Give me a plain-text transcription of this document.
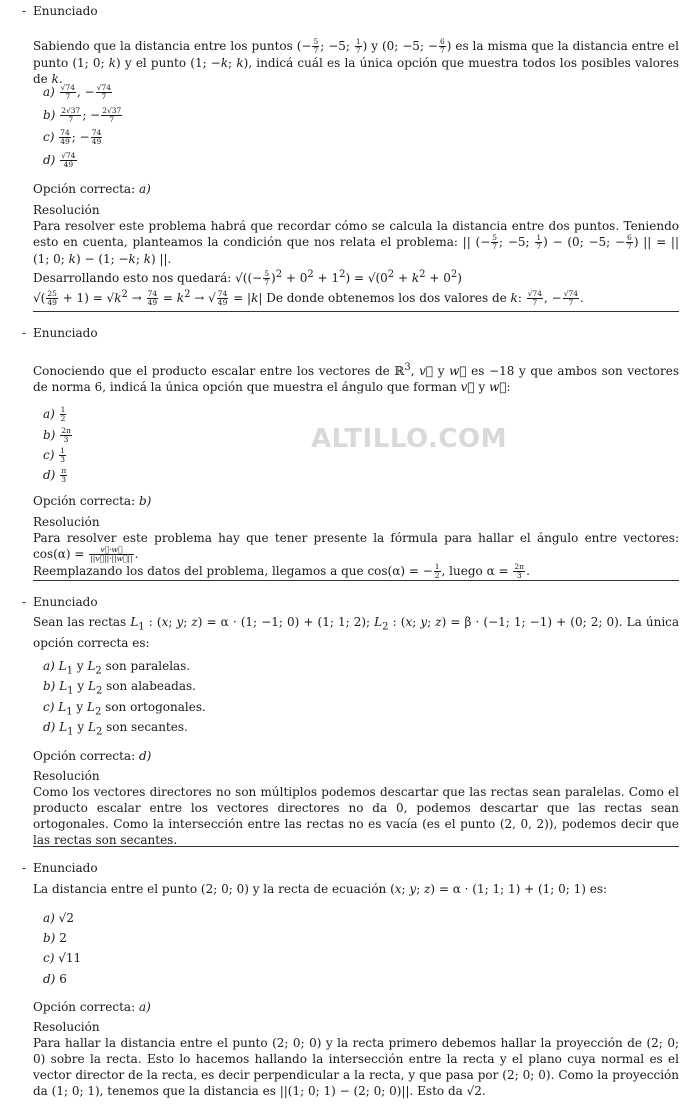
ALTILLO.COM
- Enunciado
Sabiendo que la distancia entre los puntos (− $\frac{5}{7}$ ; −5; $\frac{1}{7}$ ) y (0; −5; − $\frac{6}{7}$ ) es la misma que la distancia entre el punto (1; 0; k) y el punto (1; −k; k), indicá cuál es la única opción que muestra todos los posibles valores de k.
$a) \frac{√74}{7}$ , − $\frac{√74}{7}$
$b) \frac{2√37}{7}$ ; − $\frac{2√37}{7}$
$c) \frac{74}{49}$ ; − $\frac{74}{49}$
$d) \frac{√74}{49}$
Opción correcta: a)
Resolución
Para resolver este problema habrá que recordar cómo se calcula la distancia entre dos puntos. Teniendo esto en cuenta, planteamos la condición que nos relata el problema: || (− $\frac{5}{7}$ ; −5; $\frac{1}{7}$ ) − (0; −5; − $\frac{6}{7}$ ) || = || (1; 0; k) − (1; −k; k) ||.
Desarrollando esto nos quedará: √((− $\frac{5}{7} )^2 + 0^2 + 1^2) = √(0^2 + k^2 + 0^2)$
√( $\frac{25}{49} + 1) = √k^2 \to \frac{74}{49} = k^2$ → √ $\frac{74}{49} = |k|$ De donde obtenemos los dos valores de k: $\frac{√74}{7}$ , − $\frac{√74}{7}$ .
- Enunciado
Conociendo que el producto escalar entre los vectores de ℝ$^3$, v⃗ y w⃗ es −18 y que ambos son vectores de norma 6, indicá la única opción que muestra el ángulo que forman v⃗ y w⃗:
$a) \frac{1}{2}$
$b) \frac{2\pi}{3}$
$c) \frac{1}{3}$
$d) \frac{\pi}{3}$
Opción correcta: b)
Resolución
Para resolver este problema hay que tener presente la fórmula para hallar el ángulo entre vectores: $\cos(\alpha) = \frac{v⃗\cdot w⃗}{||v⃗||\cdot||w⃗||}$ .
Reemplazando los datos del problema, llegamos a que cos(α) = − $\frac{1}{2}$ , luego $\alpha = \frac{2\pi}{3}$ .
- Enunciado
Sean las rectas $L_1$ : (x; y; z) = α · (1; −1; 0) + (1; 1; 2); $L_2$ : (x; y; z) = β · (−1; 1; −1) + (0; 2; 0). La única opción correcta es:
a) $L_1$ y $L_2$ son paralelas.
b) $L_1$ y $L_2$ son alabeadas.
c) $L_1$ y $L_2$ son ortogonales.
d) $L_1$ y $L_2$ son secantes.
Opción correcta: d)
Resolución
Como los vectores directores no son múltiplos podemos descartar que las rectas sean paralelas. Como el producto escalar entre los vectores directores no da 0, podemos descartar que las rectas sean ortogonales. Como la intersección entre las rectas no es vacía (es el punto (2, 0, 2)), podemos decir que las rectas son secantes.
- Enunciado
La distancia entre el punto (2; 0; 0) y la recta de ecuación (x; y; z) = α · (1; 1; 1) + (1; 0; 1) es:
a) √2
b) 2
c) √11
d) 6
Opción correcta: a)
Resolución
Para hallar la distancia entre el punto (2; 0; 0) y la recta primero debemos hallar la proyección de (2; 0; 0) sobre la recta. Esto lo hacemos hallando la intersección entre la recta y el plano cuya normal es el vector director de la recta, es decir perpendicular a la recta, y que pasa por (2; 0; 0). Como la proyección da (1; 0; 1), tenemos que la distancia es ||(1; 0; 1) − (2; 0; 0)||. Esto da √2.
